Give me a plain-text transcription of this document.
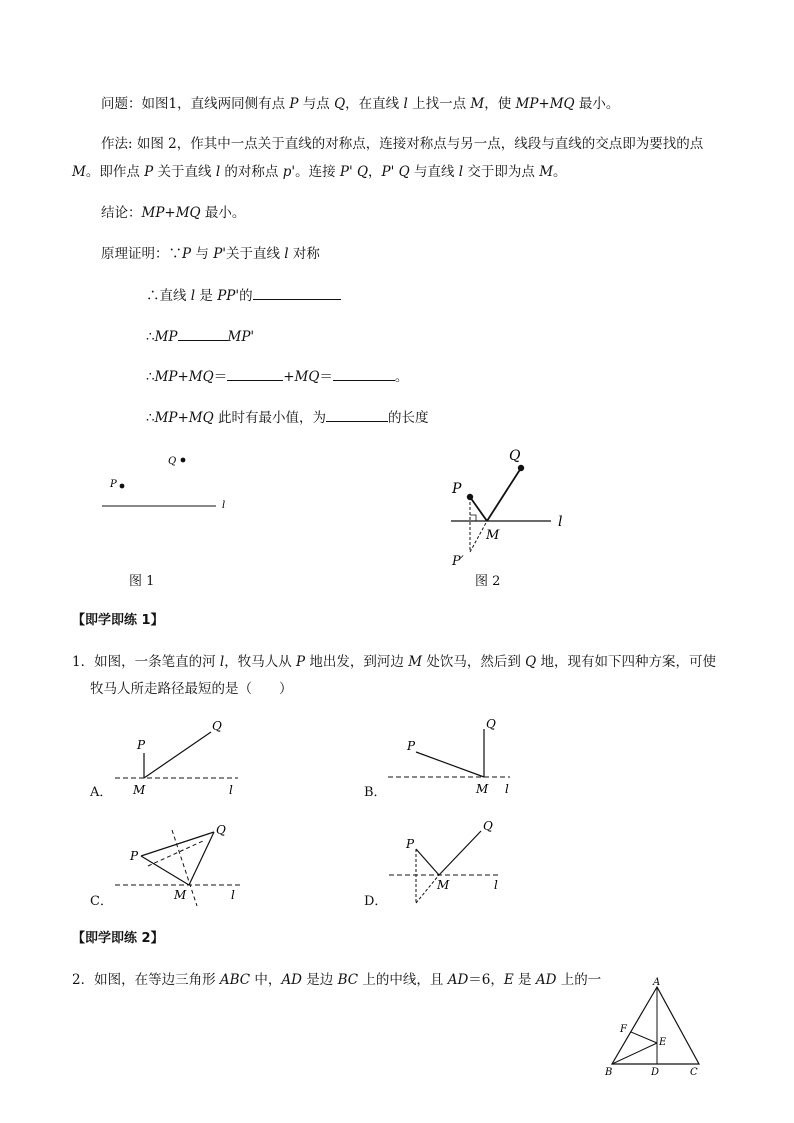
问题：如图1，直线两同侧有点 P 与点 Q，在直线 l 上找一点 M，使 MP+MQ 最小。
作法: 如图 2，作其中一点关于直线的对称点，连接对称点与另一点，线段与直线的交点即为要找的点
M。即作点 P 关于直线 l 的对称点 p'。连接 P' Q，P' Q 与直线 l 交于即为点 M。
结论：MP+MQ 最小。
原理证明：∵P 与 P'关于直线 l 对称
∴直线 l 是 PP'的
∴MP	MP'
∴MP+MQ＝	+MQ＝	。
∴MP+MQ 此时有最小值，为	的长度
Q
P
l
图 1
l
P
Q
M
P′
图 2
【即学即练 1】
1．如图，一条笔直的河 l，牧马人从 P 地出发，到河边 M 处饮马，然后到 Q 地，现有如下四种方案，可使
牧马人所走路径最短的是（　　）
A．
P
Q
M	l	B．
P
Q
M l
C．
P
Q
M	l	D．
P
Q
M	l
【即学即练 2】
2．如图，在等边三角形 ABC 中，AD 是边 BC 上的中线，且 AD＝6，E 是 AD 上的一	A
B	C
D
E
F
